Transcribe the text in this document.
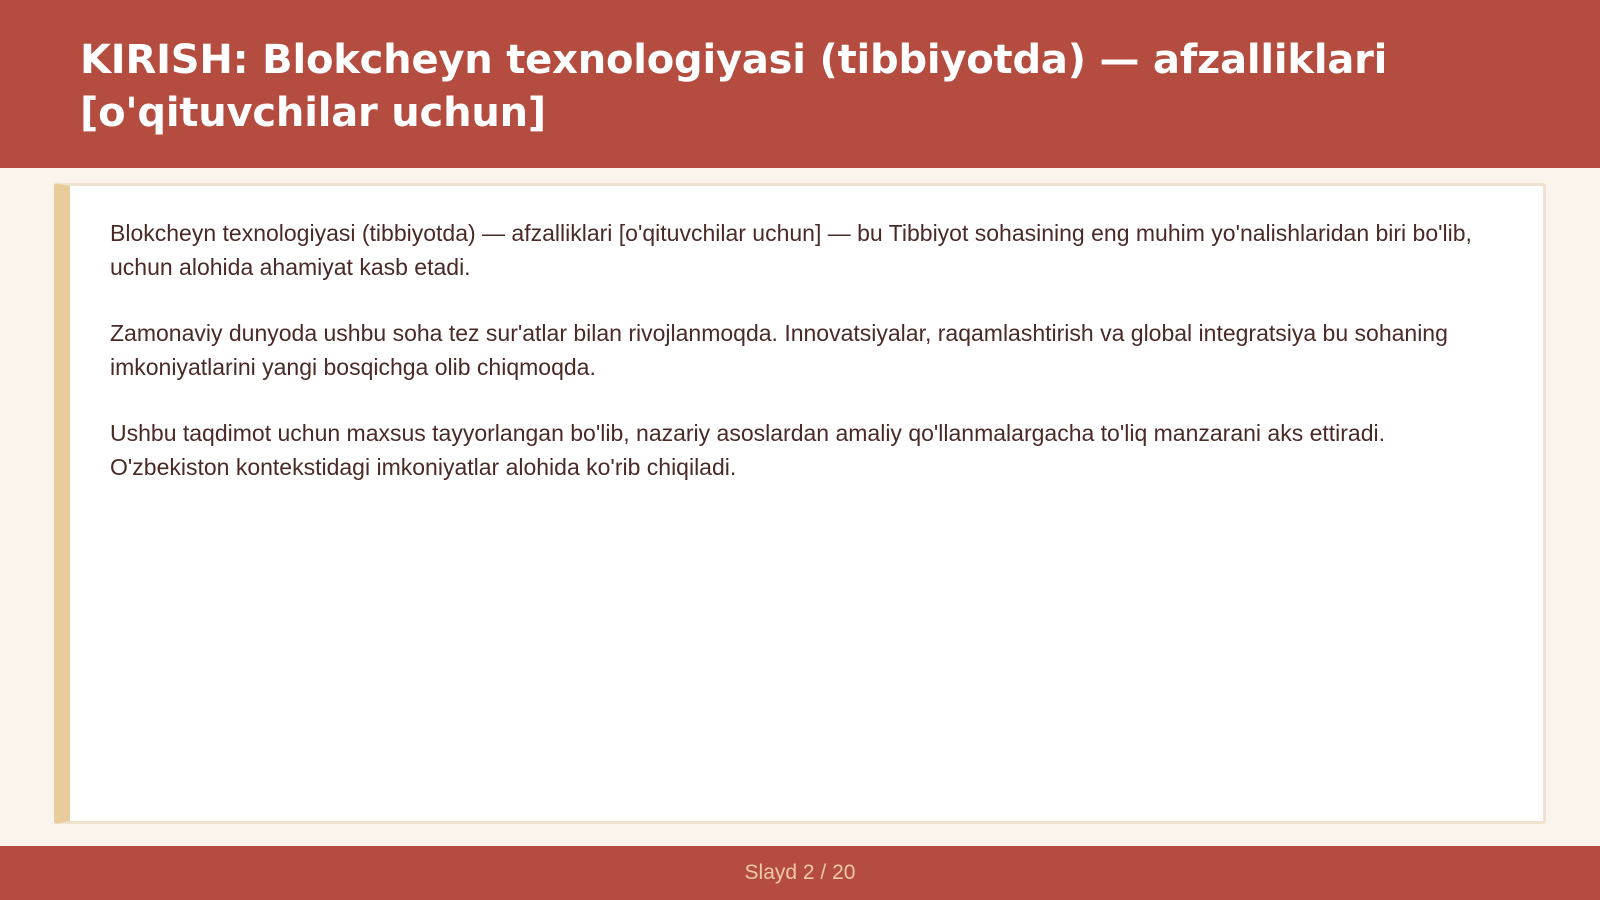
KIRISH: Blokcheyn texnologiyasi (tibbiyotda) — afzalliklari
[o'qituvchilar uchun]

Blokcheyn texnologiyasi (tibbiyotda) — afzalliklari [o'qituvchilar uchun] — bu Tibbiyot sohasining eng muhim yo'nalishlaridan biri bo'lib, uchun alohida ahamiyat kasb etadi.

Zamonaviy dunyoda ushbu soha tez sur'atlar bilan rivojlanmoqda. Innovatsiyalar, raqamlashtirish va global integratsiya bu sohaning imkoniyatlarini yangi bosqichga olib chiqmoqda.

Ushbu taqdimot uchun maxsus tayyorlangan bo'lib, nazariy asoslardan amaliy qo'llanmalargacha to'liq manzarani aks ettiradi. O'zbekiston kontekstidagi imkoniyatlar alohida ko'rib chiqiladi.

Slayd 2 / 20
